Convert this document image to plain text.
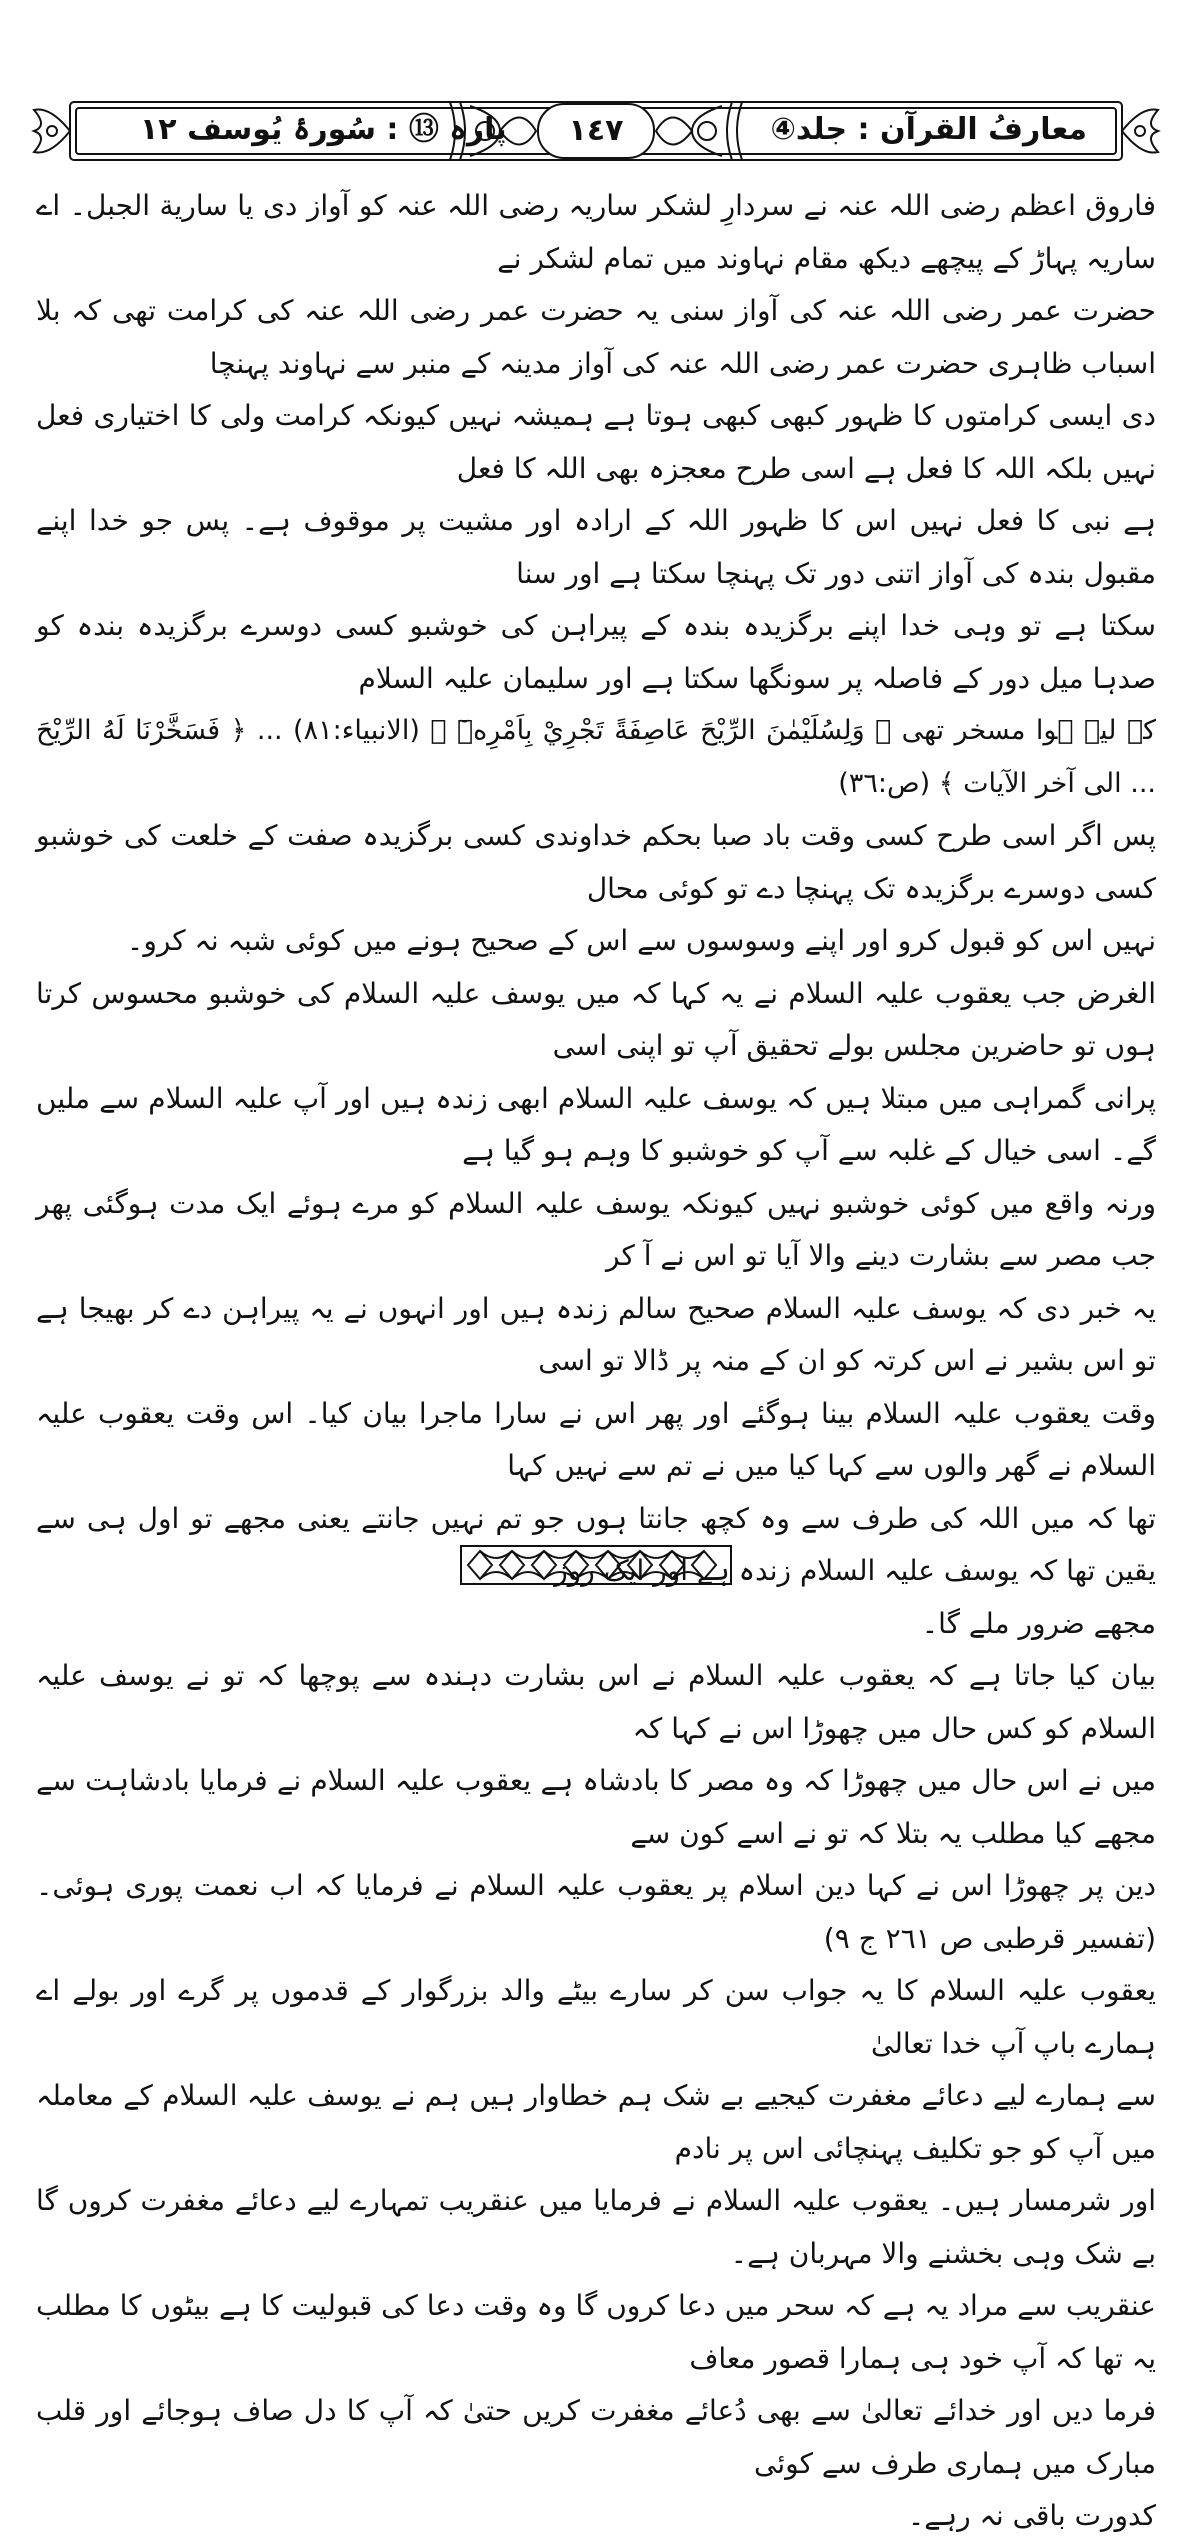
معارفُ القرآن : جلد④
١٤٧
پارہ ⑬ : سُورۂ یُوسف ١٢
فاروق اعظم رضی اللہ عنہ نے سردارِ لشکر ساریہ رضی اللہ عنہ کو آواز دی یا سارية الجبل۔ اے ساریہ پہاڑ کے پیچھے دیکھ مقام نہاوند میں تمام لشکر نے
حضرت عمر رضی اللہ عنہ کی آواز سنی یہ حضرت عمر رضی اللہ عنہ کی کرامت تھی کہ بلا اسباب ظاہری حضرت عمر رضی اللہ عنہ کی آواز مدینہ کے منبر سے نہاوند پہنچا
دی ایسی کرامتوں کا ظہور کبھی کبھی ہوتا ہے ہمیشہ نہیں کیونکہ کرامت ولی کا اختیاری فعل نہیں بلکہ اللہ کا فعل ہے اسی طرح معجزہ بھی اللہ کا فعل
ہے نبی کا فعل نہیں اس کا ظہور اللہ کے ارادہ اور مشیت پر موقوف ہے۔ پس جو خدا اپنے مقبول بندہ کی آواز اتنی دور تک پہنچا سکتا ہے اور سنا
سکتا ہے تو وہی خدا اپنے برگزیدہ بندہ کے پیراہن کی خوشبو کسی دوسرے برگزیدہ بندہ کو صدہا میل دور کے فاصلہ پر سونگھا سکتا ہے اور سلیمان علیہ السلام
کے لیے ہوا مسخر تھی ﴿ وَلِسُلَيْمٰنَ الرِّيْحَ عَاصِفَةً تَجْرِيْ بِاَمْرِهٖٓ ﴾ (الانبیاء:٨١) ... ﴿ فَسَخَّرْنَا لَهُ الرِّيْحَ ... الی آخر الآیات ﴾ (ص:٣٦)
پس اگر اسی طرح کسی وقت باد صبا بحکم خداوندی کسی برگزیدہ صفت کے خلعت کی خوشبو کسی دوسرے برگزیدہ تک پہنچا دے تو کوئی محال
نہیں اس کو قبول کرو اور اپنے وسوسوں سے اس کے صحیح ہونے میں کوئی شبہ نہ کرو۔
الغرض جب یعقوب علیہ السلام نے یہ کہا کہ میں یوسف علیہ السلام کی خوشبو محسوس کرتا ہوں تو حاضرین مجلس بولے تحقیق آپ تو اپنی اسی
پرانی گمراہی میں مبتلا ہیں کہ یوسف علیہ السلام ابھی زندہ ہیں اور آپ علیہ السلام سے ملیں گے۔ اسی خیال کے غلبہ سے آپ کو خوشبو کا وہم ہو گیا ہے
ورنہ واقع میں کوئی خوشبو نہیں کیونکہ یوسف علیہ السلام کو مرے ہوئے ایک مدت ہوگئی پھر جب مصر سے بشارت دینے والا آیا تو اس نے آ کر
یہ خبر دی کہ یوسف علیہ السلام صحیح سالم زندہ ہیں اور انہوں نے یہ پیراہن دے کر بھیجا ہے تو اس بشیر نے اس کرتہ کو ان کے منہ پر ڈالا تو اسی
وقت یعقوب علیہ السلام بینا ہوگئے اور پھر اس نے سارا ماجرا بیان کیا۔ اس وقت یعقوب علیہ السلام نے گھر والوں سے کہا کیا میں نے تم سے نہیں کہا
تھا کہ میں اللہ کی طرف سے وہ کچھ جانتا ہوں جو تم نہیں جانتے یعنی مجھے تو اول ہی سے یقین تھا کہ یوسف علیہ السلام زندہ ہے اور ایک روز
مجھے ضرور ملے گا۔
بیان کیا جاتا ہے کہ یعقوب علیہ السلام نے اس بشارت دہندہ سے پوچھا کہ تو نے یوسف علیہ السلام کو کس حال میں چھوڑا اس نے کہا کہ
میں نے اس حال میں چھوڑا کہ وہ مصر کا بادشاہ ہے یعقوب علیہ السلام نے فرمایا بادشاہت سے مجھے کیا مطلب یہ بتلا کہ تو نے اسے کون سے
دین پر چھوڑا اس نے کہا دین اسلام پر یعقوب علیہ السلام نے فرمایا کہ اب نعمت پوری ہوئی۔ (تفسیر قرطبی ص ٢٦١ ج ٩)
یعقوب علیہ السلام کا یہ جواب سن کر سارے بیٹے والد بزرگوار کے قدموں پر گرے اور بولے اے ہمارے باپ آپ خدا تعالیٰ
سے ہمارے لیے دعائے مغفرت کیجیے بے شک ہم خطاوار ہیں ہم نے یوسف علیہ السلام کے معاملہ میں آپ کو جو تکلیف پہنچائی اس پر نادم
اور شرمسار ہیں۔ یعقوب علیہ السلام نے فرمایا میں عنقریب تمہارے لیے دعائے مغفرت کروں گا بے شک وہی بخشنے والا مہربان ہے۔
عنقریب سے مراد یہ ہے کہ سحر میں دعا کروں گا وہ وقت دعا کی قبولیت کا ہے بیٹوں کا مطلب یہ تھا کہ آپ خود ہی ہمارا قصور معاف
فرما دیں اور خدائے تعالیٰ سے بھی دُعائے مغفرت کریں حتیٰ کہ آپ کا دل صاف ہوجائے اور قلب مبارک میں ہماری طرف سے کوئی
کدورت باقی نہ رہے۔
